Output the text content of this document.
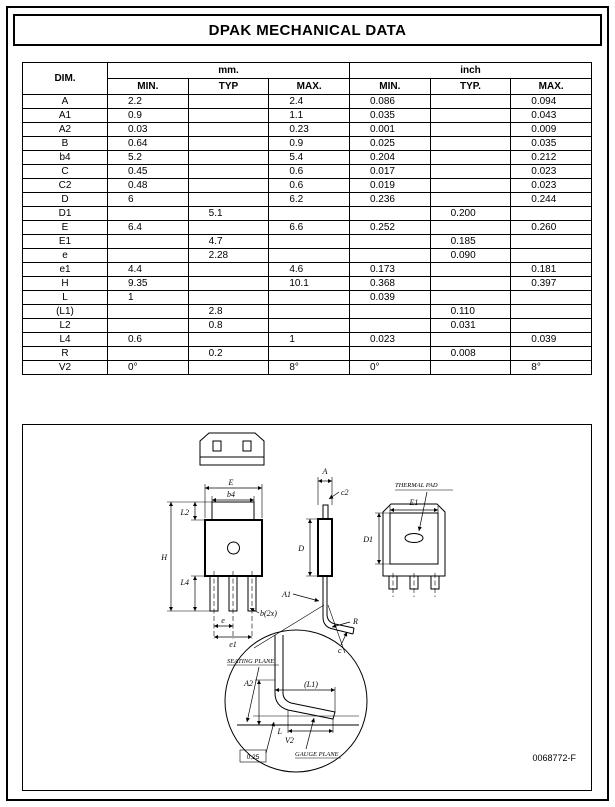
DPAK MECHANICAL DATA
DIM.	mm.			inch		
	MIN.	TYP	MAX.	MIN.	TYP.	MAX.
A	2.2		2.4	0.086		0.094
A1	0.9		1.1	0.035		0.043
A2	0.03		0.23	0.001		0.009
B	0.64		0.9	0.025		0.035
b4	5.2		5.4	0.204		0.212
C	0.45		0.6	0.017		0.023
C2	0.48		0.6	0.019		0.023
D	6		6.2	0.236		0.244
D1		5.1			0.200	
E	6.4		6.6	0.252		0.260
E1		4.7			0.185	
e		2.28			0.090	
e1	4.4		4.6	0.173		0.181
H	9.35		10.1	0.368		0.397
L	1			0.039		
(L1)		2.8			0.110	
L2		0.8			0.031	
L4	0.6		1	0.023		0.039
R		0.2			0.008	
V2	0°		8°	0°		8°
E
b4
L2
H
L4
e
e1
b(2x)
A
c2
D
A1
R
c
THERMAL PAD
E1
D1
SEATING PLANE
A2	(L1)
L
V2
GAUGE PLANE
0,25	0068772-F
